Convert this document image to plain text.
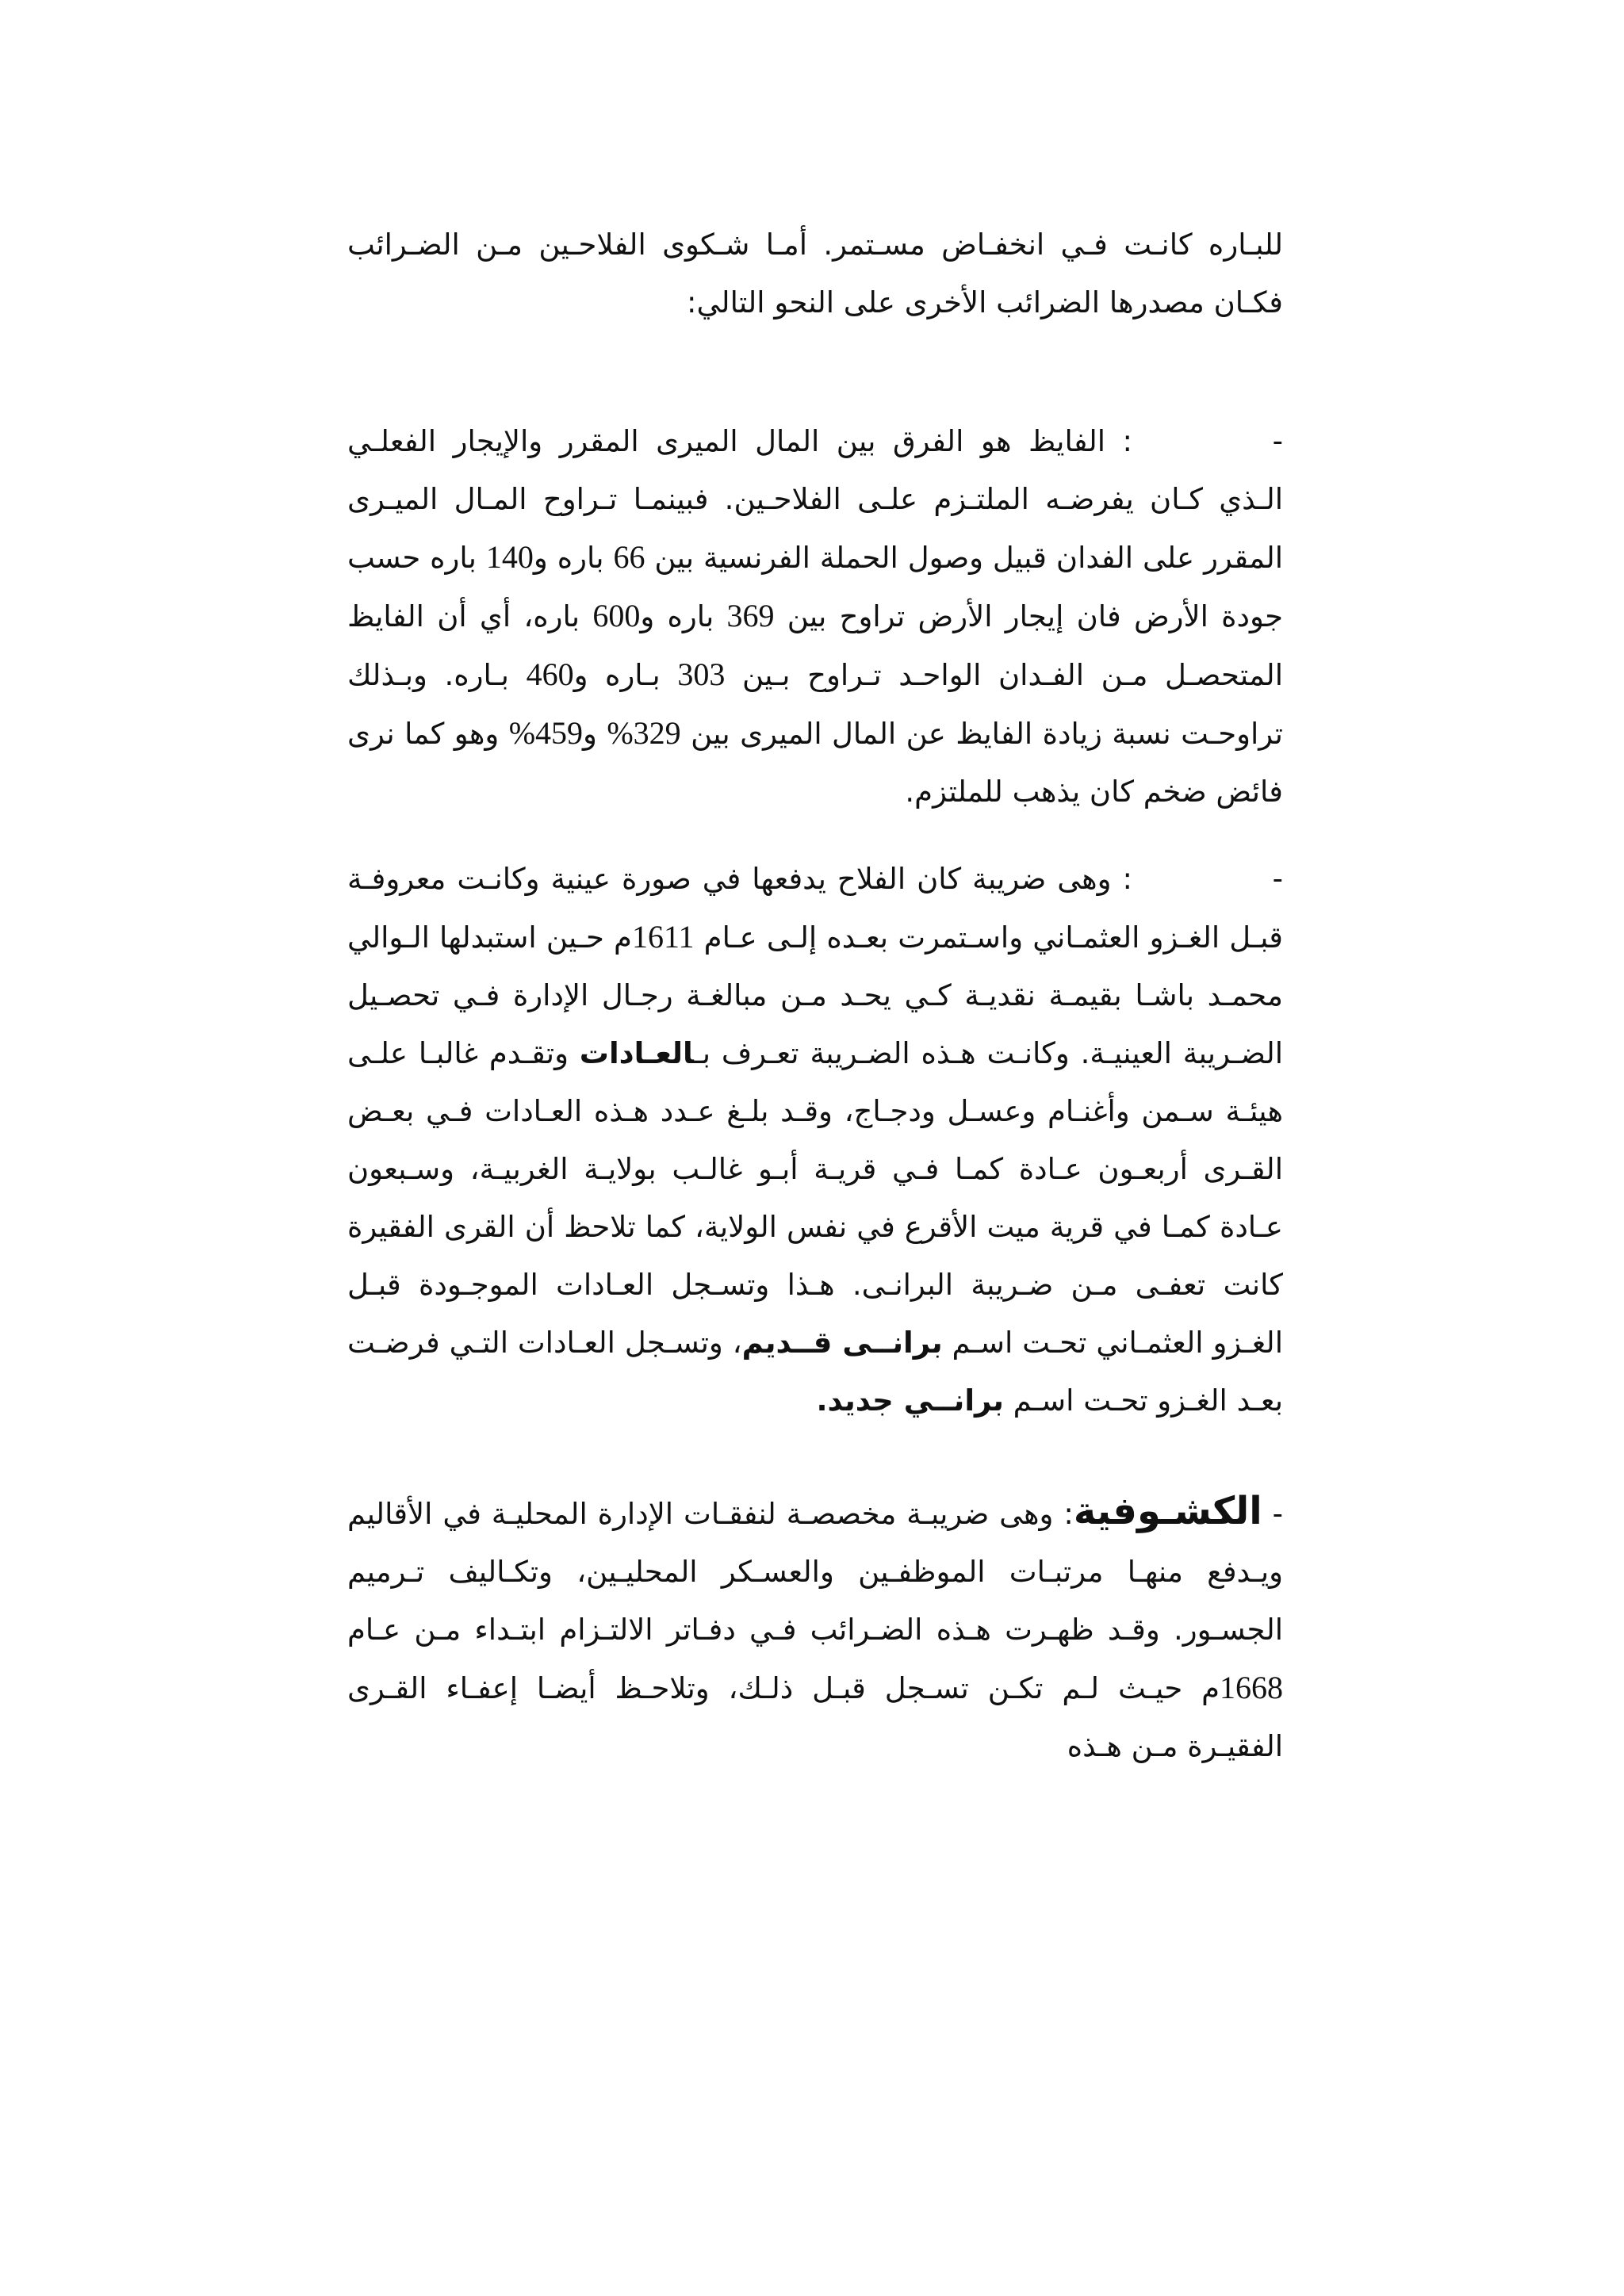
للبـاره كانـت فـي انخفـاض مسـتمر. أمـا شـكوى الفلاحـين مـن الضـرائب فكـان مصدرها الضرائب الأخرى على النحو التالي:

-: الفايظ هو الفرق بين المال الميرى المقرر والإيجار الفعلـي الـذي كـان يفرضـه الملتـزم علـى الفلاحـين. فبينمـا تـراوح المـال الميـرى المقرر على الفدان قبيل وصول الحملة الفرنسية بين 66 باره و140 باره حسب جودة الأرض فان إيجار الأرض تراوح بين 369 باره و600 باره، أي أن الفايظ المتحصـل مـن الفـدان الواحـد تـراوح بـين 303 بـاره و460 بـاره. وبـذلك تراوحـت نسبة زيادة الفايظ عن المال الميرى بين 329% و459% وهو كما نرى فائض ضخم كان يذهب للملتزم.

-: وهى ضريبة كان الفلاح يدفعها في صورة عينية وكانـت معروفـة قبـل الغـزو العثمـاني واسـتمرت بعـده إلـى عـام 1611م حـين استبدلها الـوالي محمـد باشـا بقيمـة نقديـة كـي يحـد مـن مبالغـة رجـال الإدارة فـي تحصـيل الضـريبة العينيـة. وكانـت هـذه الضـريبة تعـرف بـالعـادات وتقـدم غالبـا علـى هيئـة سـمن وأغنـام وعسـل ودجـاج، وقـد بلـغ عـدد هـذه العـادات فـي بعـض القـرى أربعـون عـادة كمـا فـي قريـة أبـو غالـب بولايـة الغربيـة، وسـبعون عـادة كمـا في قرية ميت الأقرع في نفس الولاية، كما تلاحظ أن القرى الفقيرة كانت تعفـى مـن ضـريبة البرانـى. هـذا وتسـجل العـادات الموجـودة قبـل الغـزو العثمـاني تحـت اسـم برانــى قــديم، وتسـجل العـادات التـي فرضـت بعـد الغـزو تحـت اسـم برانــي جديد.

- الكشـوفية: وهى ضريبـة مخصصـة لنفقـات الإدارة المحليـة في الأقاليم ويـدفع منهـا مرتبـات الموظفـين والعسـكر المحليـين، وتكـاليف تـرميم الجسـور. وقـد ظهـرت هـذه الضـرائب فـي دفـاتر الالتـزام ابتـداء مـن عـام 1668م حيـث لـم تكـن تسـجل قبـل ذلـك، وتلاحـظ أيضـا إعفـاء القـرى الفقيـرة مـن هـذه
